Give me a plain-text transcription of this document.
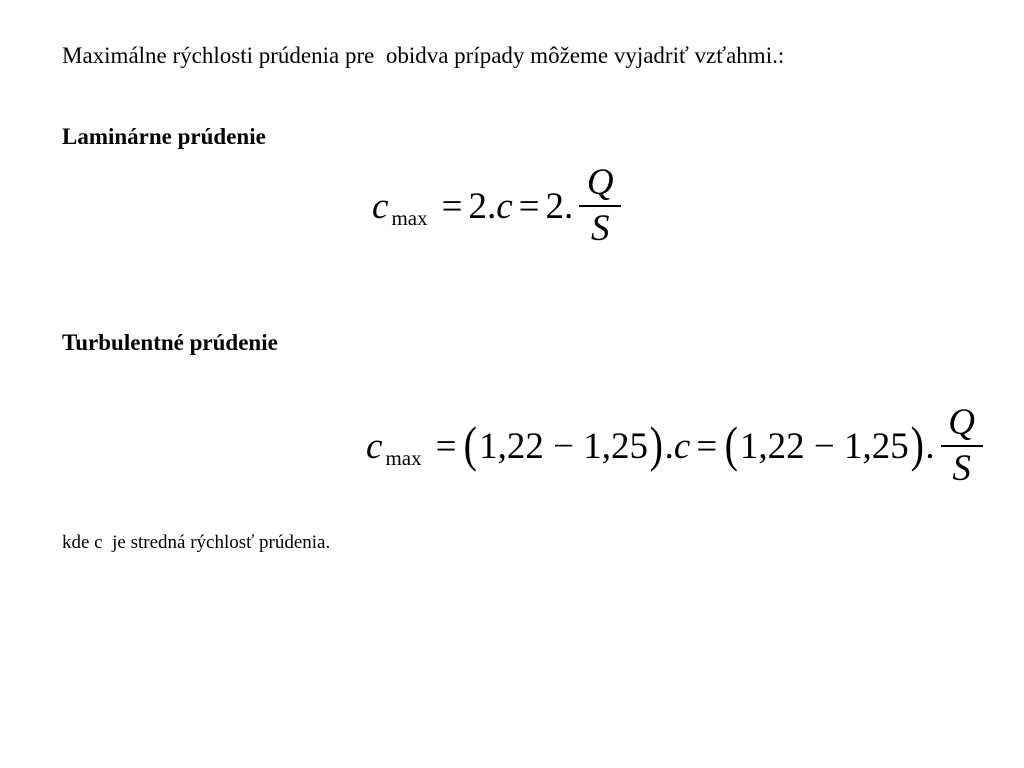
Maximálne rýchlosti prúdenia pre  obidva prípady môžeme vyjadriť vzťahmi.:
Laminárne prúdenie
c max = 2. c = 2. $\frac{Q}{S}$
Turbulentné prúdenie
c max = ( 1,22 − 1,25 ) . c = ( 1,22 − 1,25 ) . $\frac{Q}{S}$
kde c  je stredná rýchlosť prúdenia.
